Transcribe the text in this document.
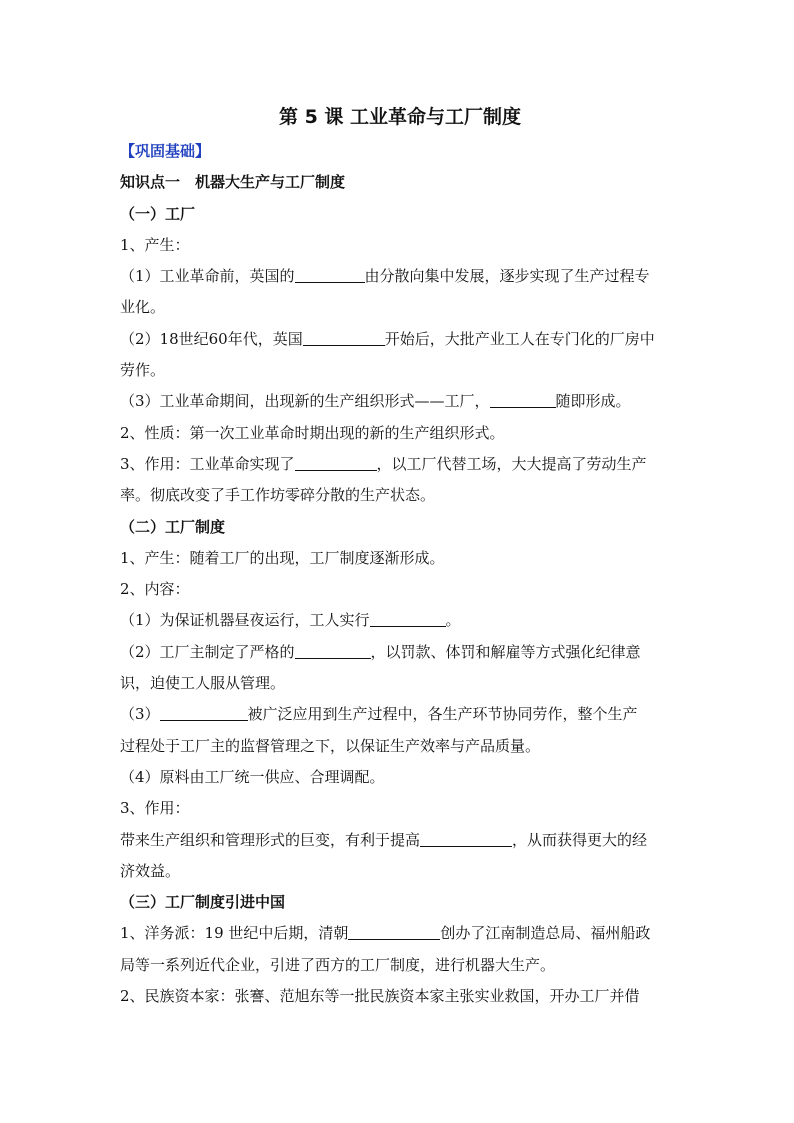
第 5 课 工业革命与工厂制度
【巩固基础】
知识点一　机器大生产与工厂制度
（一）工厂
1、产生：
（1）工业革命前，英国的	由分散向集中发展，逐步实现了生产过程专
业化。
（2）18世纪60年代，英国	开始后，大批产业工人在专门化的厂房中
劳作。
（3）工业革命期间，出现新的生产组织形式——工厂，	随即形成。
2、性质：第一次工业革命时期出现的新的生产组织形式。
3、作用：工业革命实现了	，以工厂代替工场，大大提高了劳动生产
率。彻底改变了手工作坊零碎分散的生产状态。
（二）工厂制度
1、产生：随着工厂的出现，工厂制度逐渐形成。
2、内容：
（1）为保证机器昼夜运行，工人实行	。
（2）工厂主制定了严格的	，以罚款、体罚和解雇等方式强化纪律意
识，迫使工人服从管理。
（3）	被广泛应用到生产过程中，各生产环节协同劳作，整个生产
过程处于工厂主的监督管理之下，以保证生产效率与产品质量。
（4）原料由工厂统一供应、合理调配。
3、作用：
带来生产组织和管理形式的巨变，有利于提高	，从而获得更大的经
济效益。
（三）工厂制度引进中国
1、洋务派：19 世纪中后期，清朝	创办了江南制造总局、福州船政
局等一系列近代企业，引进了西方的工厂制度，进行机器大生产。
2、民族资本家：张謇、范旭东等一批民族资本家主张实业救国，开办工厂并借
